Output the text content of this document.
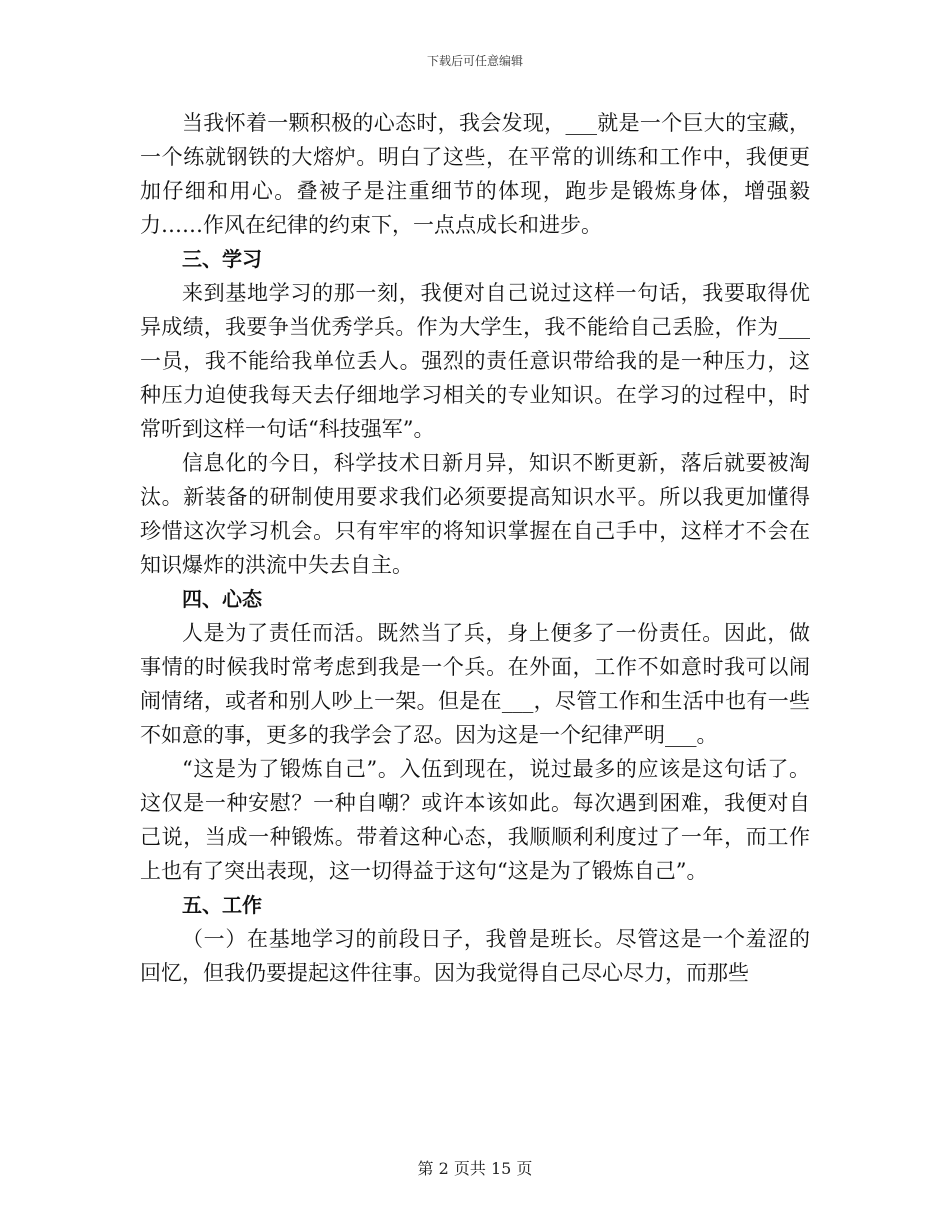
下载后可任意编辑

当我怀着一颗积极的心态时，我会发现，___就是一个巨大的宝藏，一个练就钢铁的大熔炉。明白了这些，在平常的训练和工作中，我便更加仔细和用心。叠被子是注重细节的体现，跑步是锻炼身体，增强毅力……作风在纪律的约束下，一点点成长和进步。

三、学习

来到基地学习的那一刻，我便对自己说过这样一句话，我要取得优异成绩，我要争当优秀学兵。作为大学生，我不能给自己丢脸，作为___一员，我不能给我单位丢人。强烈的责任意识带给我的是一种压力，这种压力迫使我每天去仔细地学习相关的专业知识。在学习的过程中，时常听到这样一句话“科技强军”。

信息化的今日，科学技术日新月异，知识不断更新，落后就要被淘汰。新装备的研制使用要求我们必须要提高知识水平。所以我更加懂得珍惜这次学习机会。只有牢牢的将知识掌握在自己手中，这样才不会在知识爆炸的洪流中失去自主。

四、心态

人是为了责任而活。既然当了兵，身上便多了一份责任。因此，做事情的时候我时常考虑到我是一个兵。在外面，工作不如意时我可以闹闹情绪，或者和别人吵上一架。但是在___，尽管工作和生活中也有一些不如意的事，更多的我学会了忍。因为这是一个纪律严明___。

“这是为了锻炼自己”。入伍到现在，说过最多的应该是这句话了。这仅是一种安慰？一种自嘲？或许本该如此。每次遇到困难，我便对自己说，当成一种锻炼。带着这种心态，我顺顺利利度过了一年，而工作上也有了突出表现，这一切得益于这句“这是为了锻炼自己”。

五、工作

（一）在基地学习的前段日子，我曾是班长。尽管这是一个羞涩的回忆，但我仍要提起这件往事。因为我觉得自己尽心尽力，而那些

第 2 页共 15 页
